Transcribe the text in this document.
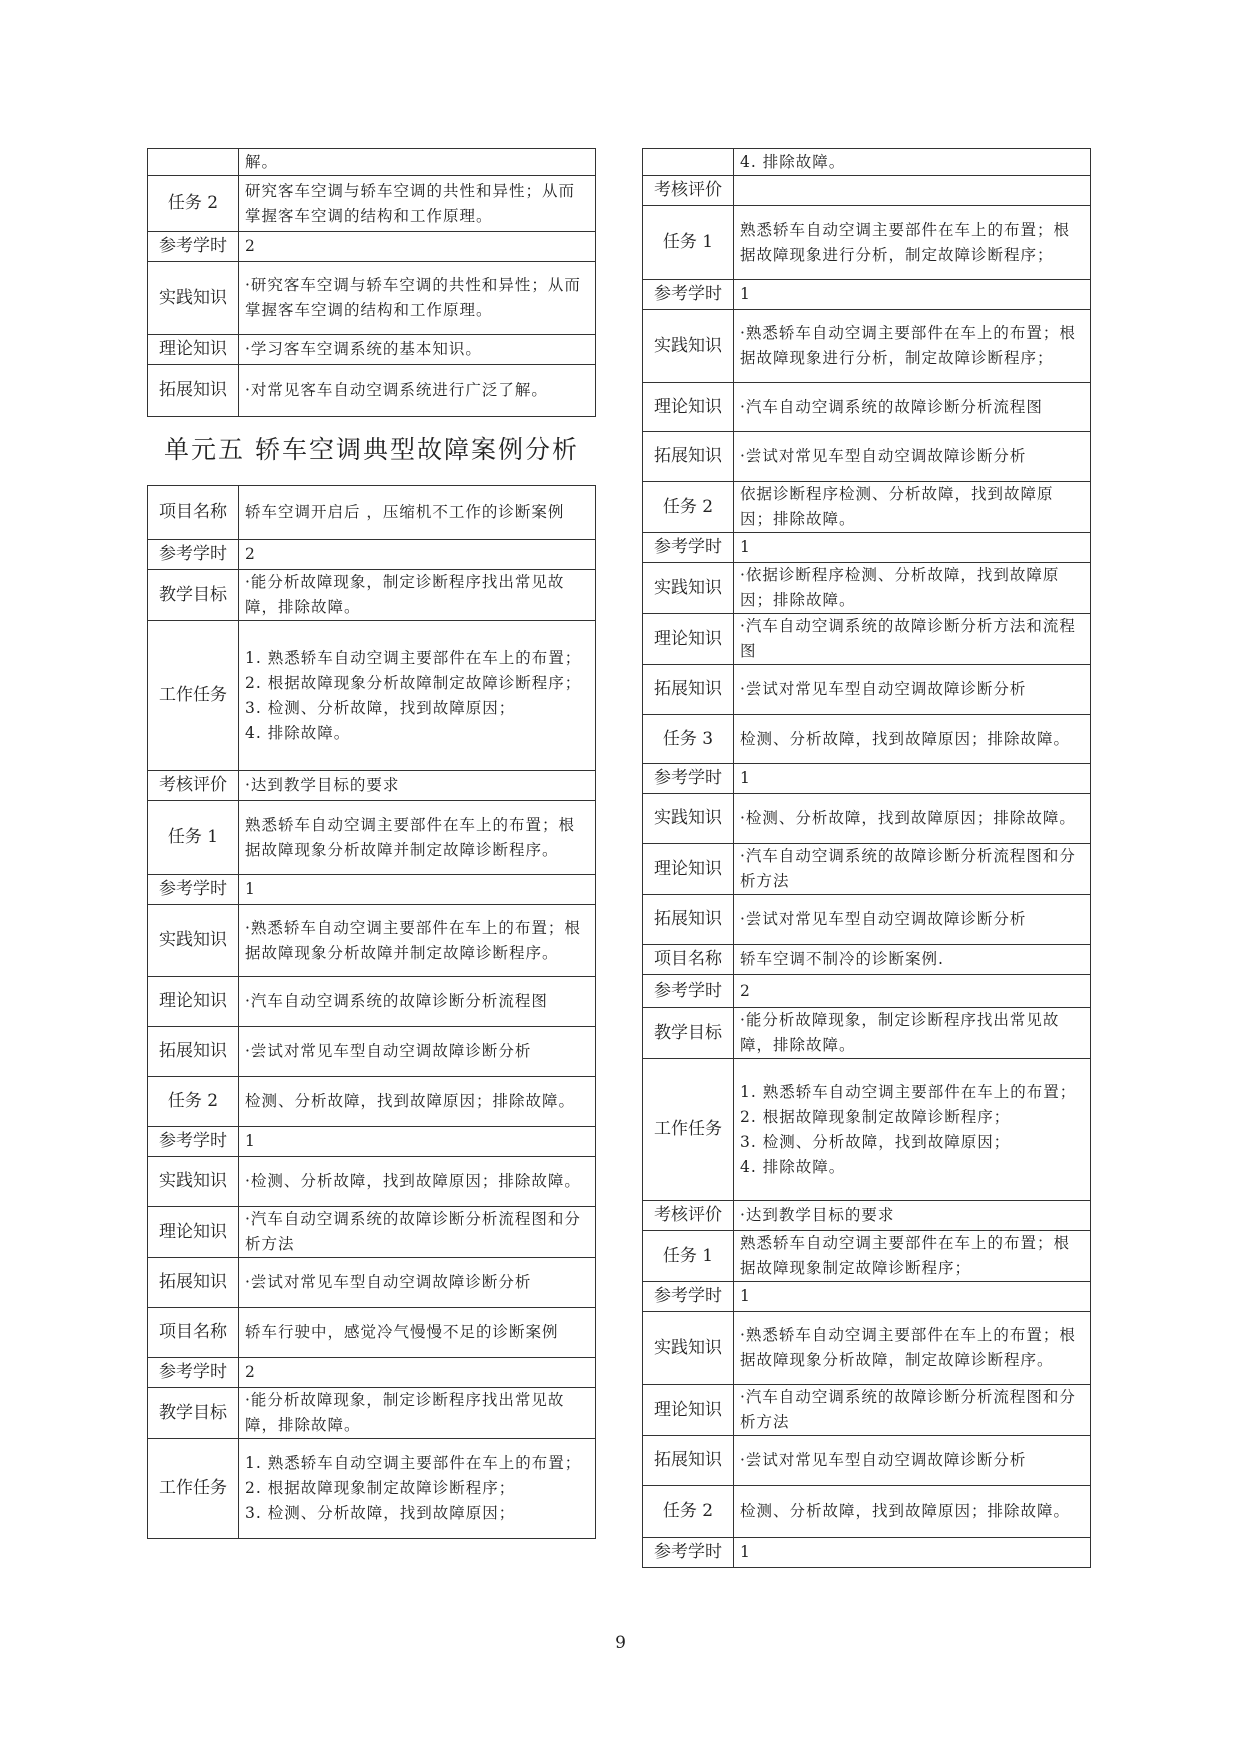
	解。
任务 2	研究客车空调与轿车空调的共性和异性；从而掌握客车空调的结构和工作原理。
参考学时	2
实践知识	·研究客车空调与轿车空调的共性和异性；从而掌握客车空调的结构和工作原理。
理论知识	·学习客车空调系统的基本知识。
拓展知识	·对常见客车自动空调系统进行广泛了解。
单元五 轿车空调典型故障案例分析
项目名称	轿车空调开启后 ，压缩机不工作的诊断案例
参考学时	2
教学目标	·能分析故障现象，制定诊断程序找出常见故障，排除故障。
工作任务	1. 熟悉轿车自动空调主要部件在车上的布置；
2. 根据故障现象分析故障制定故障诊断程序；
3. 检测、分析故障，找到故障原因；
4. 排除故障。
考核评价	·达到教学目标的要求
任务 1	熟悉轿车自动空调主要部件在车上的布置；根据故障现象分析故障并制定故障诊断程序。
参考学时	1
实践知识	·熟悉轿车自动空调主要部件在车上的布置；根据故障现象分析故障并制定故障诊断程序。
理论知识	·汽车自动空调系统的故障诊断分析流程图
拓展知识	·尝试对常见车型自动空调故障诊断分析
任务 2	检测、分析故障，找到故障原因；排除故障。
参考学时	1
实践知识	·检测、分析故障，找到故障原因；排除故障。
理论知识	·汽车自动空调系统的故障诊断分析流程图和分析方法
拓展知识	·尝试对常见车型自动空调故障诊断分析
项目名称	轿车行驶中，感觉冷气慢慢不足的诊断案例
参考学时	2
教学目标	·能分析故障现象，制定诊断程序找出常见故障，排除故障。
工作任务	1. 熟悉轿车自动空调主要部件在车上的布置；
2. 根据故障现象制定故障诊断程序；
3. 检测、分析故障，找到故障原因；
	4. 排除故障。
考核评价	
任务 1	熟悉轿车自动空调主要部件在车上的布置；根据故障现象进行分析，制定故障诊断程序；
参考学时	1
实践知识	·熟悉轿车自动空调主要部件在车上的布置；根据故障现象进行分析，制定故障诊断程序；
理论知识	·汽车自动空调系统的故障诊断分析流程图
拓展知识	·尝试对常见车型自动空调故障诊断分析
任务 2	依据诊断程序检测、分析故障，找到故障原因；排除故障。
参考学时	1
实践知识	·依据诊断程序检测、分析故障，找到故障原因；排除故障。
理论知识	·汽车自动空调系统的故障诊断分析方法和流程图
拓展知识	·尝试对常见车型自动空调故障诊断分析
任务 3	检测、分析故障，找到故障原因；排除故障。
参考学时	1
实践知识	·检测、分析故障，找到故障原因；排除故障。
理论知识	·汽车自动空调系统的故障诊断分析流程图和分析方法
拓展知识	·尝试对常见车型自动空调故障诊断分析
项目名称	轿车空调不制冷的诊断案例.
参考学时	2
教学目标	·能分析故障现象，制定诊断程序找出常见故障，排除故障。
工作任务	1. 熟悉轿车自动空调主要部件在车上的布置；
2. 根据故障现象制定故障诊断程序；
3. 检测、分析故障，找到故障原因；
4. 排除故障。
考核评价	·达到教学目标的要求
任务 1	熟悉轿车自动空调主要部件在车上的布置；根据故障现象制定故障诊断程序；
参考学时	1
实践知识	·熟悉轿车自动空调主要部件在车上的布置；根据故障现象分析故障，制定故障诊断程序。
理论知识	·汽车自动空调系统的故障诊断分析流程图和分析方法
拓展知识	·尝试对常见车型自动空调故障诊断分析
任务 2	检测、分析故障，找到故障原因；排除故障。
参考学时	1
9
